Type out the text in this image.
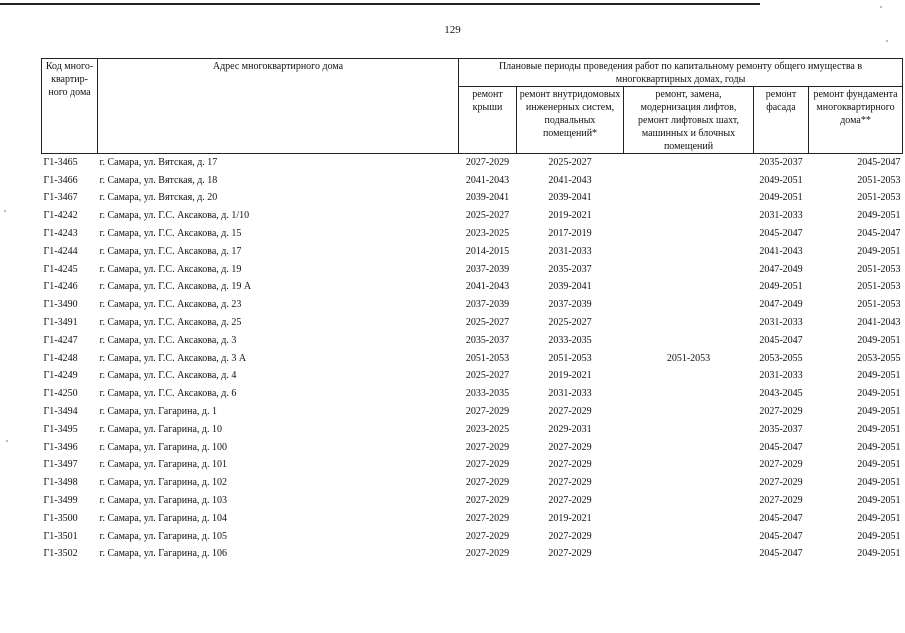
129
Код много-квартир-ного дома	Адрес многоквартирного дома	Плановые периоды проведения работ по капитальному ремонту общего имущества в многоквартирных домах, годы				
		ремонт крыши	ремонт внутридомовых инженерных систем, подвальных помещений*	ремонт, замена, модернизация лифтов, ремонт лифтовых шахт, машинных и блочных помещений	ремонт фасада	ремонт фундамента многоквартирного дома**
Г1-3465	г. Самара, ул. Вятская, д. 17	2027-2029	2025-2027		2035-2037	2045-2047
Г1-3466	г. Самара, ул. Вятская, д. 18	2041-2043	2041-2043		2049-2051	2051-2053
Г1-3467	г. Самара, ул. Вятская, д. 20	2039-2041	2039-2041		2049-2051	2051-2053
Г1-4242	г. Самара, ул. Г.С. Аксакова, д. 1/10	2025-2027	2019-2021		2031-2033	2049-2051
Г1-4243	г. Самара, ул. Г.С. Аксакова, д. 15	2023-2025	2017-2019		2045-2047	2045-2047
Г1-4244	г. Самара, ул. Г.С. Аксакова, д. 17	2014-2015	2031-2033		2041-2043	2049-2051
Г1-4245	г. Самара, ул. Г.С. Аксакова, д. 19	2037-2039	2035-2037		2047-2049	2051-2053
Г1-4246	г. Самара, ул. Г.С. Аксакова, д. 19 А	2041-2043	2039-2041		2049-2051	2051-2053
Г1-3490	г. Самара, ул. Г.С. Аксакова, д. 23	2037-2039	2037-2039		2047-2049	2051-2053
Г1-3491	г. Самара, ул. Г.С. Аксакова, д. 25	2025-2027	2025-2027		2031-2033	2041-2043
Г1-4247	г. Самара, ул. Г.С. Аксакова, д. 3	2035-2037	2033-2035		2045-2047	2049-2051
Г1-4248	г. Самара, ул. Г.С. Аксакова, д. 3 А	2051-2053	2051-2053	2051-2053	2053-2055	2053-2055
Г1-4249	г. Самара, ул. Г.С. Аксакова, д. 4	2025-2027	2019-2021		2031-2033	2049-2051
Г1-4250	г. Самара, ул. Г.С. Аксакова, д. 6	2033-2035	2031-2033		2043-2045	2049-2051
Г1-3494	г. Самара, ул. Гагарина, д. 1	2027-2029	2027-2029		2027-2029	2049-2051
Г1-3495	г. Самара, ул. Гагарина, д. 10	2023-2025	2029-2031		2035-2037	2049-2051
Г1-3496	г. Самара, ул. Гагарина, д. 100	2027-2029	2027-2029		2045-2047	2049-2051
Г1-3497	г. Самара, ул. Гагарина, д. 101	2027-2029	2027-2029		2027-2029	2049-2051
Г1-3498	г. Самара, ул. Гагарина, д. 102	2027-2029	2027-2029		2027-2029	2049-2051
Г1-3499	г. Самара, ул. Гагарина, д. 103	2027-2029	2027-2029		2027-2029	2049-2051
Г1-3500	г. Самара, ул. Гагарина, д. 104	2027-2029	2019-2021		2045-2047	2049-2051
Г1-3501	г. Самара, ул. Гагарина, д. 105	2027-2029	2027-2029		2045-2047	2049-2051
Г1-3502	г. Самара, ул. Гагарина, д. 106	2027-2029	2027-2029		2045-2047	2049-2051
